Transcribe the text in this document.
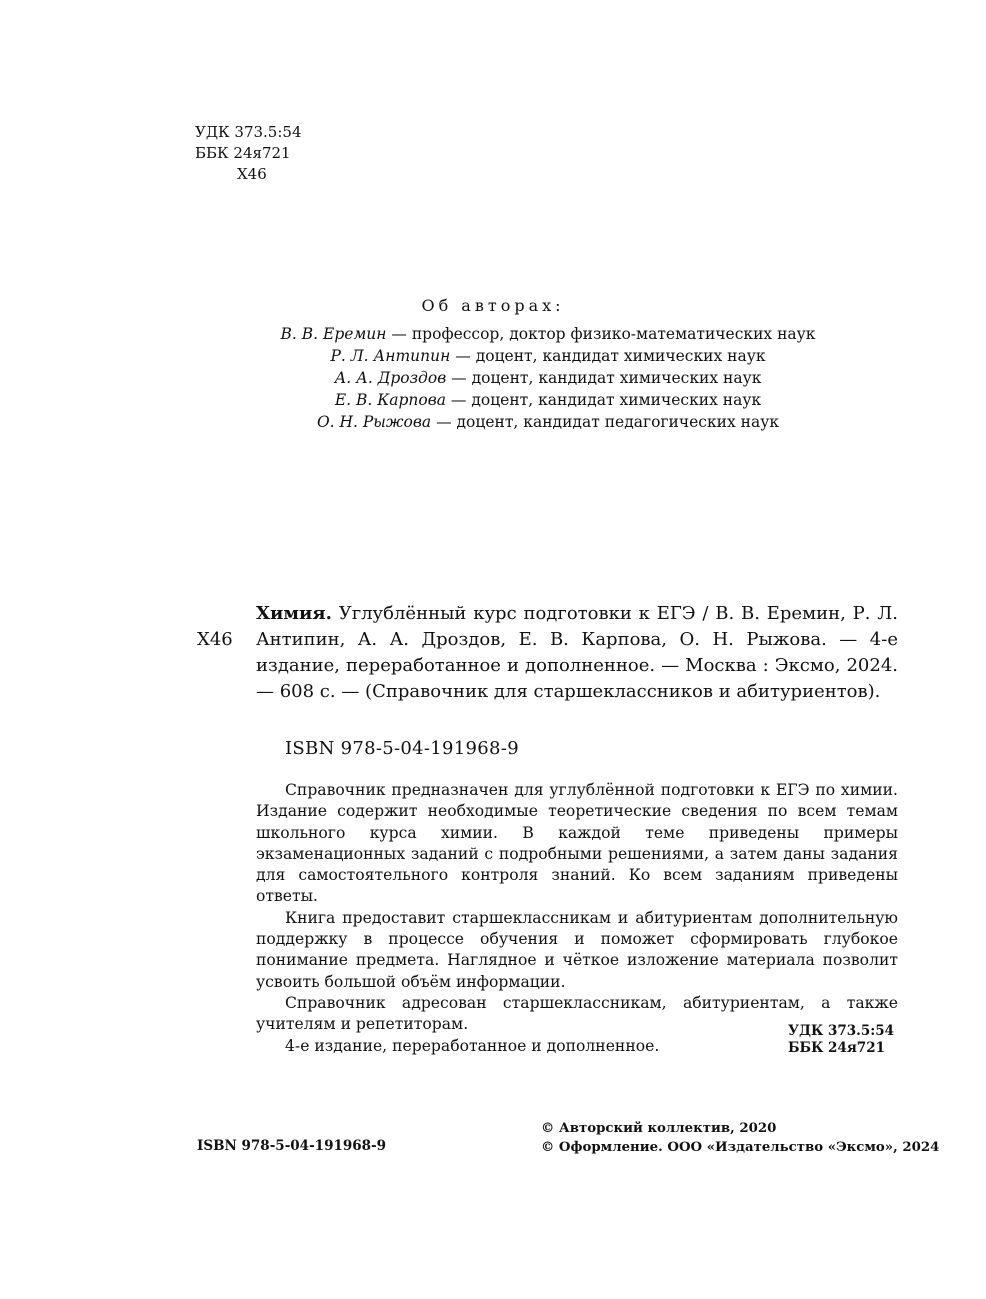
УДК 373.5:54
ББК 24я721
Х46
Об авторах:
В. В. Еремин — профессор, доктор физико-математических наук
Р. Л. Антипин — доцент, кандидат химических наук
А. А. Дроздов — доцент, кандидат химических наук
Е. В. Карпова — доцент, кандидат химических наук
О. Н. Рыжова — доцент, кандидат педагогических наук
Х46
Химия. Углублённый курс подготовки к ЕГЭ / В. В. Еремин, Р. Л. Антипин, А. А. Дроздов, Е. В. Карпова, О. Н. Рыжова. — 4-е издание, переработанное и дополненное. — Москва : Эксмо, 2024. — 608 с. — (Справочник для старшеклассников и абитуриентов).
ISBN 978-5-04-191968-9

Справочник предназначен для углублённой подготовки к ЕГЭ по химии. Издание содержит необходимые теоретические сведения по всем темам школьного курса химии. В каждой теме приведены примеры экзаменационных заданий с подробными решениями, а затем даны задания для самостоятельного контроля знаний. Ко всем заданиям приведены ответы.

Книга предоставит старшеклассникам и абитуриентам дополнительную поддержку в процессе обучения и поможет сформировать глубокое понимание предмета. Наглядное и чёткое изложение материала позволит усвоить большой объём информации.

Справочник адресован старшеклассникам, абитуриентам, а также учителям и репетиторам.

4-е издание, переработанное и дополненное.

УДК 373.5:54
ББК 24я721
© Авторский коллектив, 2020
© Оформление. ООО «Издательство «Эксмо», 2024
ISBN 978-5-04-191968-9
